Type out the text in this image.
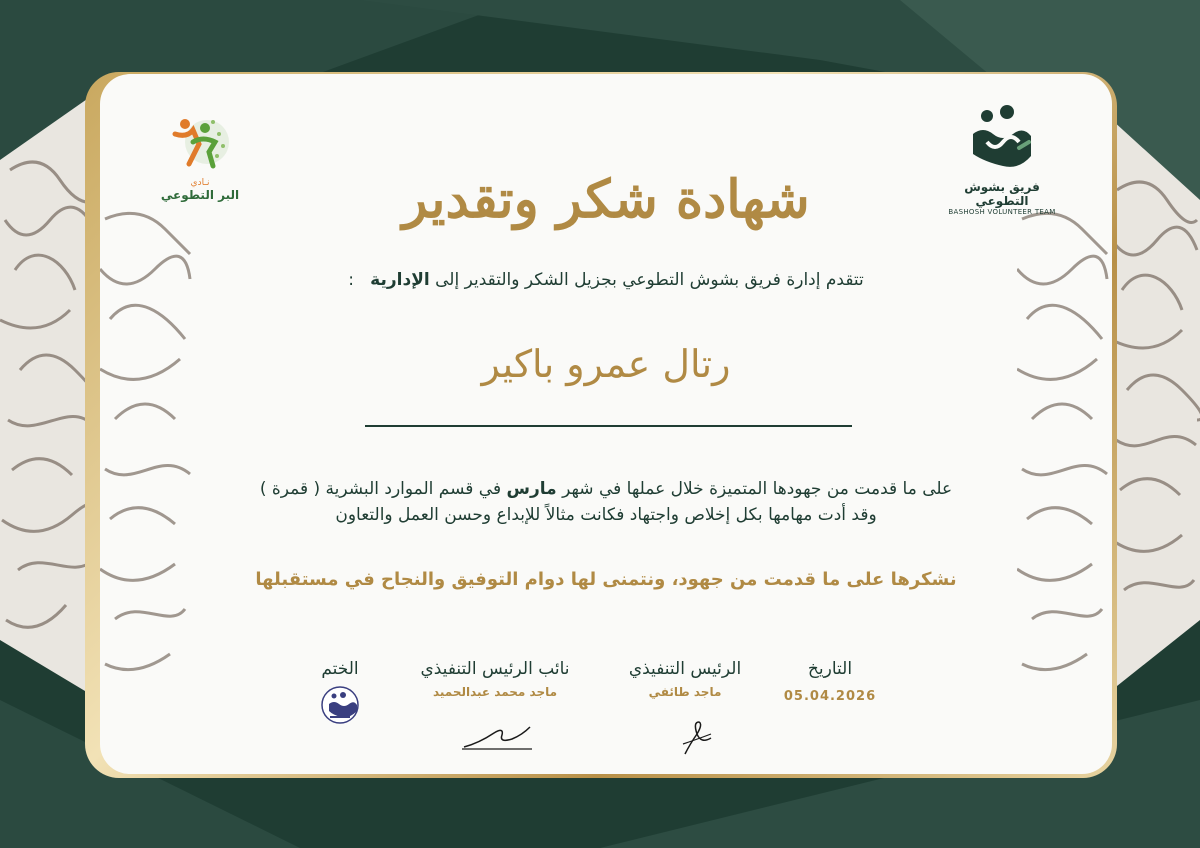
فريق بشوش التطوعي
BASHOSH VOLUNTEER TEAM
نـادي
البر التطوعي	شهادة شكر وتقدير
تتقدم إدارة فريق بشوش التطوعي بجزيل الشكر والتقدير إلى الإدارية   :
رتال عمرو باكير
على ما قدمت من جهودها المتميزة خلال عملها في شهر مارس في قسم الموارد البشرية ( قمرة )
وقد أدت مهامها بكل إخلاص واجتهاد فكانت مثالاً للإبداع وحسن العمل والتعاون
نشكرها على ما قدمت من جهود، ونتمنى لها دوام التوفيق والنجاح في مستقبلها
التاريخ
05.04.2026
الرئيس التنفيذي
ماجد طائفي
نائب الرئيس التنفيذي
ماجد محمد عبدالحميد
الختم
